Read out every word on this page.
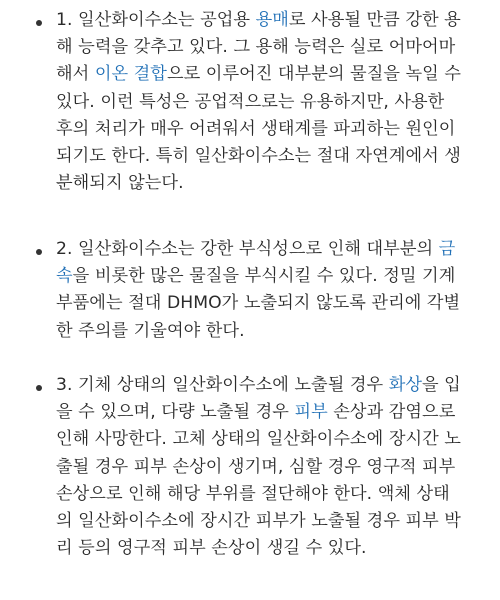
1. 일산화이수소는 공업용 용매로 사용될 만큼 강한 용
해 능력을 갖추고 있다. 그 용해 능력은 실로 어마어마
해서 이온 결합으로 이루어진 대부분의 물질을 녹일 수
있다. 이런 특성은 공업적으로는 유용하지만, 사용한
후의 처리가 매우 어려워서 생태계를 파괴하는 원인이
되기도 한다. 특히 일산화이수소는 절대 자연계에서 생
분해되지 않는다.
2. 일산화이수소는 강한 부식성으로 인해 대부분의 금
속을 비롯한 많은 물질을 부식시킬 수 있다. 정밀 기계
부품에는 절대 DHMO가 노출되지 않도록 관리에 각별
한 주의를 기울여야 한다.
3. 기체 상태의 일산화이수소에 노출될 경우 화상을 입
을 수 있으며, 다량 노출될 경우 피부 손상과 감염으로
인해 사망한다. 고체 상태의 일산화이수소에 장시간 노
출될 경우 피부 손상이 생기며, 심할 경우 영구적 피부
손상으로 인해 해당 부위를 절단해야 한다. 액체 상태
의 일산화이수소에 장시간 피부가 노출될 경우 피부 박
리 등의 영구적 피부 손상이 생길 수 있다.
